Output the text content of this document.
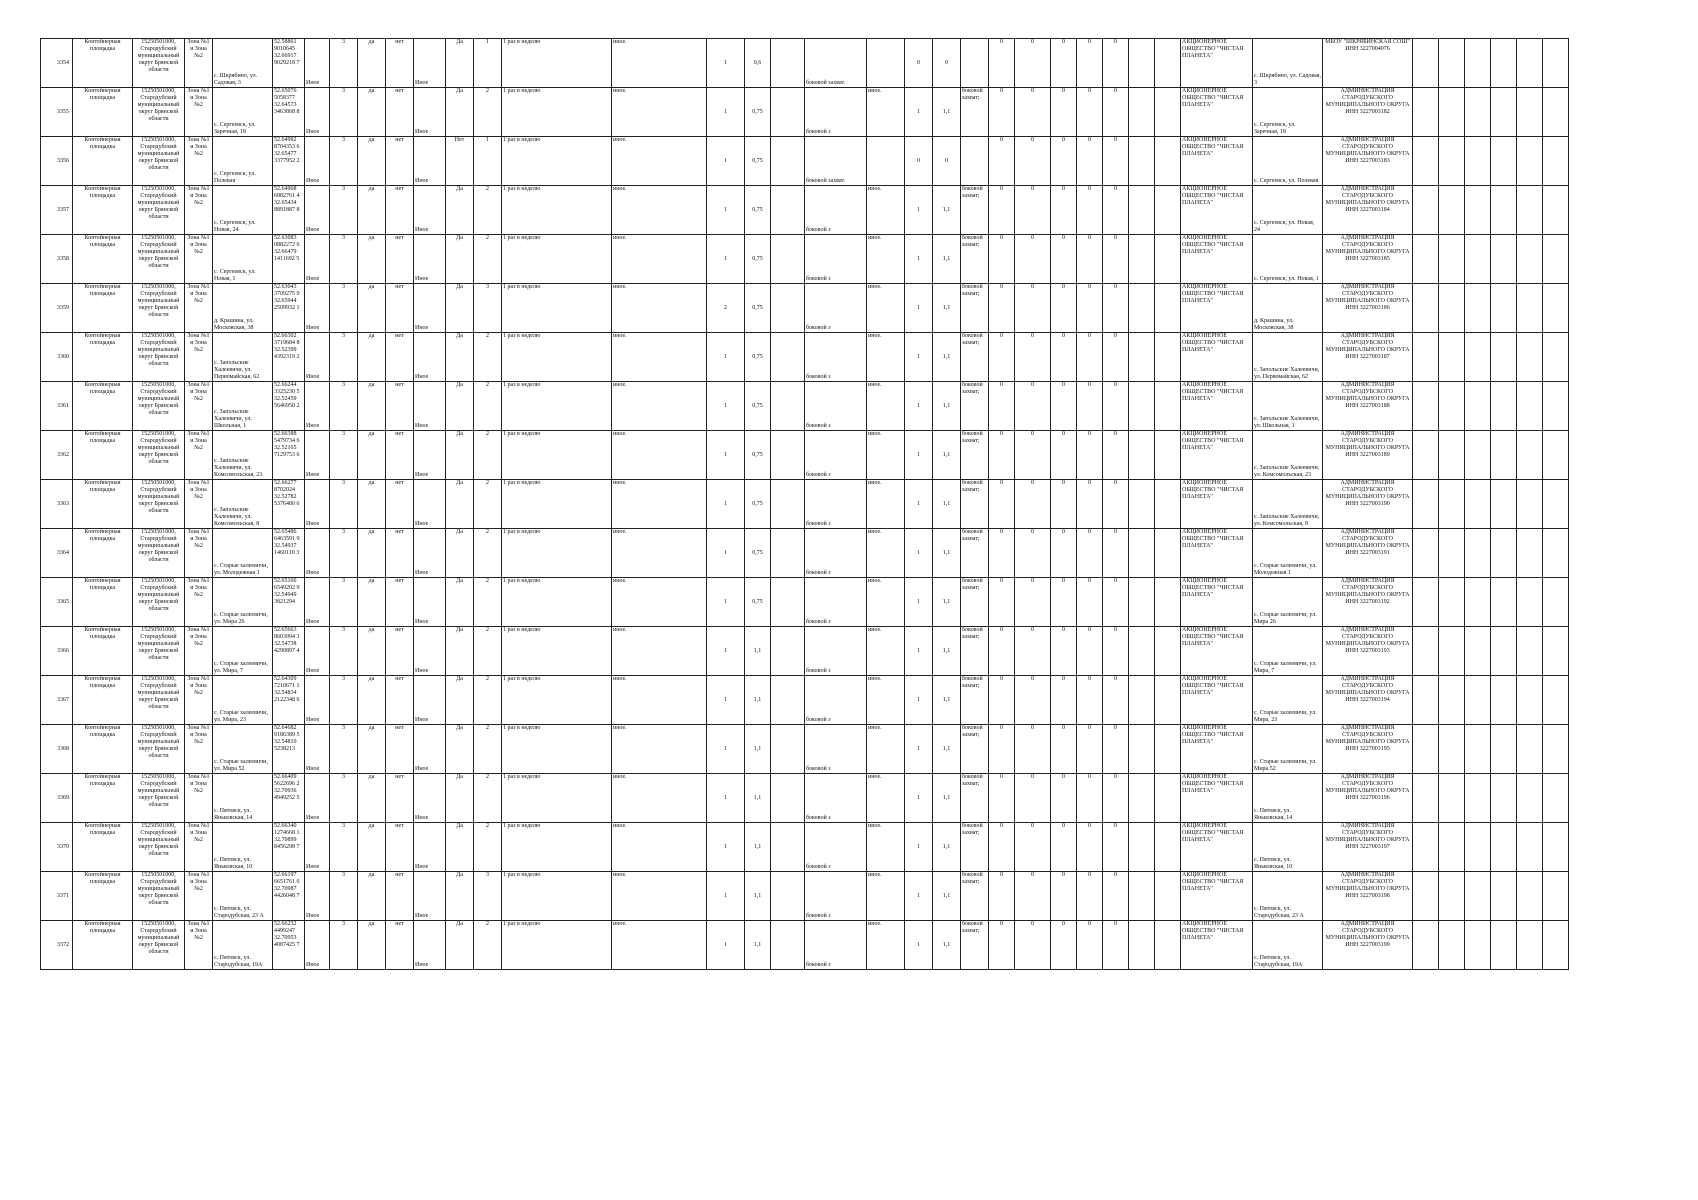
3354	Контейнерная площадка	15250501000, Стародубский муниципальный округ Брянской области	Зона №1 и Зона №2	с. Шкрябино, ул. Садовая, 3	52.58861 9010645 32.66917 9029218 7	Иное	3	да	нет	Иное	Да	1	1 раз в неделю	иное.	1	0,6		боковой захват.		0	0		0	0	0	0	0			АКЦИОНЕРНОЕ ОБЩЕСТВО "ЧИСТАЯ ПЛАНЕТА"	с. Шкрябино, ул. Садовая, 3	МБОУ "ШКРЯБИНСКАЯ СОШ" ИНН 3227004076						
3355	Контейнерная площадка	15250501000, Стародубский муниципальный округ Брянской области	Зона №1 и Зона №2	с. Сергеевск, ул. Заречная, 18	52.65076 5058377 32.64573 3463868 8	Иное	3	да	нет	Иное	Да	2	1 раз в неделю	иное.	1	0,75		боковой з	иное.	1	1,1	боковой захват;	0	0	0	0	0			АКЦИОНЕРНОЕ ОБЩЕСТВО "ЧИСТАЯ ПЛАНЕТА"	с. Сергеевск, ул. Заречная, 18	АДМИНИСТРАЦИЯ СТАРОДУБСКОГО МУНИЦИПАЛЬНОГО ОКРУГА ИНН 3227003182						
3356	Контейнерная площадка	15250501000, Стародубский муниципальный округ Брянской области	Зона №1 и Зона №2	с. Сергеевск, ул. Полевая	52.64992 8704353 6 32.65477 3377952 2	Иное	3	да	нет	Иное	Нет	1	1 раз в неделю	иное.	1	0,75		боковой захват.		0	0		0	0	0	0	0			АКЦИОНЕРНОЕ ОБЩЕСТВО "ЧИСТАЯ ПЛАНЕТА"	с. Сергеевск, ул. Полевая	АДМИНИСТРАЦИЯ СТАРОДУБСКОГО МУНИЦИПАЛЬНОГО ОКРУГА ИНН 3227003183						
3357	Контейнерная площадка	15250501000, Стародубский муниципальный округ Брянской области	Зона №1 и Зона №2	с. Сергеевск, ул. Новая, 24	52.64968 6882761 4 32.65434 8891887 8	Иное	3	да	нет	Иное	Да	2	1 раз в неделю	иное.	1	0,75		боковой з	иное.	1	1,1	боковой захват;	0	0	0	0	0			АКЦИОНЕРНОЕ ОБЩЕСТВО "ЧИСТАЯ ПЛАНЕТА"	с. Сергеевск, ул. Новая, 24	АДМИНИСТРАЦИЯ СТАРОДУБСКОГО МУНИЦИПАЛЬНОГО ОКРУГА ИНН 3227003184						
3358	Контейнерная площадка	15250501000, Стародубский муниципальный округ Брянской области	Зона №1 и Зона №2	с. Сергеевск, ул. Новая, 1	52.63083 0882272 6 32.66479 1411692 5	Иное	3	да	нет	Иное	Да	2	1 раз в неделю	иное.	1	0,75		боковой з	иное.	1	1,1	боковой захват;	0	0	0	0	0			АКЦИОНЕРНОЕ ОБЩЕСТВО "ЧИСТАЯ ПЛАНЕТА"	с. Сергеевск, ул. Новая, 1	АДМИНИСТРАЦИЯ СТАРОДУБСКОГО МУНИЦИПАЛЬНОГО ОКРУГА ИНН 3227003185						
3359	Контейнерная площадка	15250501000, Стародубский муниципальный округ Брянской области	Зона №1 и Зона №2	д. Крашина, ул. Московская, 38	52.63043 3709275 9 32.65944 2509932 1	Иное	3	да	нет	Иное	Да	3	1 раз в неделю	иное.	2	0,75		боковой з	иное.	1	1,1	боковой захват;	0	0	0	0	0			АКЦИОНЕРНОЕ ОБЩЕСТВО "ЧИСТАЯ ПЛАНЕТА"	д. Крашина, ул. Московская, 38	АДМИНИСТРАЦИЯ СТАРОДУБСКОГО МУНИЦИПАЛЬНОГО ОКРУГА ИНН 3227003186						
3360	Контейнерная площадка	15250501000, Стародубский муниципальный округ Брянской области	Зона №1 и Зона №2	с. Запольские Халеевичи, ул. Первомайская, 62	52.66302 3719684 8 32.52399 4392319 2	Иное	3	да	нет	Иное	Да	2	1 раз в неделю	иное.	1	0,75		боковой з	иное.	1	1,1	боковой захват;	0	0	0	0	0			АКЦИОНЕРНОЕ ОБЩЕСТВО "ЧИСТАЯ ПЛАНЕТА"	с. Запольские Халеевичи, ул. Первомайская, 62	АДМИНИСТРАЦИЯ СТАРОДУБСКОГО МУНИЦИПАЛЬНОГО ОКРУГА ИНН 3227003187						
3361	Контейнерная площадка	15250501000, Стародубский муниципальный округ Брянской области	Зона №1 и Зона №2	с. Запольские Халеевичи, ул. Школьная, 1	52.66244 3325230 5 32.52459 5646950 2	Иное	3	да	нет	Иное	Да	2	1 раз в неделю	иное.	1	0,75		боковой з	иное.	1	1,1	боковой захват;	0	0	0	0	0			АКЦИОНЕРНОЕ ОБЩЕСТВО "ЧИСТАЯ ПЛАНЕТА"	с. Запольские Халеевичи, ул. Школьная, 1	АДМИНИСТРАЦИЯ СТАРОДУБСКОГО МУНИЦИПАЛЬНОГО ОКРУГА ИНН 3227003188						
3362	Контейнерная площадка	15250501000, Стародубский муниципальный округ Брянской области	Зона №1 и Зона №2	с. Запольские Халеевичи, ул. Комсомольская, 23	52.66388 5479734 6 32.52165 7129753 6	Иное	3	да	нет	Иное	Да	2	1 раз в неделю	иное.	1	0,75		боковой з	иное.	1	1,1	боковой захват;	0	0	0	0	0			АКЦИОНЕРНОЕ ОБЩЕСТВО "ЧИСТАЯ ПЛАНЕТА"	с. Запольские Халеевичи, ул. Комсомольская, 23	АДМИНИСТРАЦИЯ СТАРОДУБСКОГО МУНИЦИПАЛЬНОГО ОКРУГА ИНН 3227003189						
3363	Контейнерная площадка	15250501000, Стародубский муниципальный округ Брянской области	Зона №1 и Зона №2	с. Запольские Халеевичи, ул. Комсомольская, 8	52.66277 8702024 32.52782 5376480 6	Иное	3	да	нет	Иное	Да	2	1 раз в неделю	иное.	1	0,75		боковой з	иное.	1	1,1	боковой захват;	0	0	0	0	0			АКЦИОНЕРНОЕ ОБЩЕСТВО "ЧИСТАЯ ПЛАНЕТА"	с. Запольские Халеевичи, ул. Комсомольская, 8	АДМИНИСТРАЦИЯ СТАРОДУБСКОГО МУНИЦИПАЛЬНОГО ОКРУГА ИНН 3227003190						
3364	Контейнерная площадка	15250501000, Стародубский муниципальный округ Брянской области	Зона №1 и Зона №2	с. Старые халеевичи, ул. Молодежная 1	52.65486 6463591 9 32.54937 1460110 3	Иное	3	да	нет	Иное	Да	2	1 раз в неделю	иное.	1	0,75		боковой з	иное.	1	1,1	боковой захват;	0	0	0	0	0			АКЦИОНЕРНОЕ ОБЩЕСТВО "ЧИСТАЯ ПЛАНЕТА"	с. Старые халеевичи, ул. Молодежная 1	АДМИНИСТРАЦИЯ СТАРОДУБСКОГО МУНИЦИПАЛЬНОГО ОКРУГА ИНН 3227003191						
3365	Контейнерная площадка	15250501000, Стародубский муниципальный округ Брянской области	Зона №1 и Зона №2	с. Старые халеевичи, ул. Мира 26	52.65166 6549202 9 32.54949 3821294	Иное	3	да	нет	Иное	Да	2	1 раз в неделю	иное.	1	0,75		боковой з	иное.	1	1,1	боковой захват;	0	0	0	0	0			АКЦИОНЕРНОЕ ОБЩЕСТВО "ЧИСТАЯ ПЛАНЕТА"	с. Старые халеевичи, ул. Мира 26	АДМИНИСТРАЦИЯ СТАРОДУБСКОГО МУНИЦИПАЛЬНОГО ОКРУГА ИНН 3227003192						
3366	Контейнерная площадка	15250501000, Стародубский муниципальный округ Брянской области	Зона №1 и Зона №2	с. Старые халеевичи, ул. Мира, 7	52.65663 8603994 3 32.54738 4290897 4	Иное	3	да	нет	Иное	Да	2	1 раз в неделю	иное.	1	1,1		боковой з	иное.	1	1,1	боковой захват;	0	0	0	0	0			АКЦИОНЕРНОЕ ОБЩЕСТВО "ЧИСТАЯ ПЛАНЕТА"	с. Старые халеевичи, ул. Мира, 7	АДМИНИСТРАЦИЯ СТАРОДУБСКОГО МУНИЦИПАЛЬНОГО ОКРУГА ИНН 3227003193						
3367	Контейнерная площадка	15250501000, Стародубский муниципальный округ Брянской области	Зона №1 и Зона №2	с. Старые халеевичи, ул. Мира, 23	52.64309 7210671 1 32.54834 2122348 6	Иное	3	да	нет	Иное	Да	2	1 раз в неделю	иное.	1	1,1		боковой з	иное.	1	1,1	боковой захват;	0	0	0	0	0			АКЦИОНЕРНОЕ ОБЩЕСТВО "ЧИСТАЯ ПЛАНЕТА"	с. Старые халеевичи, ул. Мира, 23	АДМИНИСТРАЦИЯ СТАРОДУБСКОГО МУНИЦИПАЛЬНОГО ОКРУГА ИНН 3227003194						
3368	Контейнерная площадка	15250501000, Стародубский муниципальный округ Брянской области	Зона №1 и Зона №2	с. Старые халеевичи, ул. Мира 52	52.64682 9186389 5 32.54810 5238213	Иное	3	да	нет	Иное	Да	2	1 раз в неделю	иное.	1	1,1		боковой з	иное.	1	1,1	боковой захват;	0	0	0	0	0			АКЦИОНЕРНОЕ ОБЩЕСТВО "ЧИСТАЯ ПЛАНЕТА"	с. Старые халеевичи, ул. Мира 52	АДМИНИСТРАЦИЯ СТАРОДУБСКОГО МУНИЦИПАЛЬНОГО ОКРУГА ИНН 3227003195						
3369	Контейнерная площадка	15250501000, Стародубский муниципальный округ Брянской области	Зона №1 и Зона №2	с. Пятовск, ул. Яньковская, 14	52.66409 5622696 2 32.70936 4949252 5	Иное	3	да	нет	Иное	Да	2	1 раз в неделю	иное.	1	1,1		боковой з	иное.	1	1,1	боковой захват;	0	0	0	0	0			АКЦИОНЕРНОЕ ОБЩЕСТВО "ЧИСТАЯ ПЛАНЕТА"	с. Пятовск, ул. Яньковская, 14	АДМИНИСТРАЦИЯ СТАРОДУБСКОГО МУНИЦИПАЛЬНОГО ОКРУГА ИНН 3227003196						
3370	Контейнерная площадка	15250501000, Стародубский муниципальный округ Брянской области	Зона №1 и Зона №2	с. Пятовск, ул. Яньковская, 10	52.66340 1274668 1 32.70899 8456298 7	Иное	3	да	нет	Иное	Да	2	1 раз в неделю	иное.	1	1,1		боковой з	иное.	1	1,1	боковой захват;	0	0	0	0	0			АКЦИОНЕРНОЕ ОБЩЕСТВО "ЧИСТАЯ ПЛАНЕТА"	с. Пятовск, ул. Яньковская, 10	АДМИНИСТРАЦИЯ СТАРОДУБСКОГО МУНИЦИПАЛЬНОГО ОКРУГА ИНН 3227003197						
3371	Контейнерная площадка	15250501000, Стародубский муниципальный округ Брянской области	Зона №1 и Зона №2	с. Пятовск, ул. Стародубская, 23 А	52.66197 6651761 6 32.70987 4426048 7	Иное	3	да	нет	Иное	Да	3	1 раз в неделю	иное.	1	1,1		боковой з	иное.	1	1,1	боковой захват;	0	0	0	0	0			АКЦИОНЕРНОЕ ОБЩЕСТВО "ЧИСТАЯ ПЛАНЕТА"	с. Пятовск, ул. Стародубская, 23 А	АДМИНИСТРАЦИЯ СТАРОДУБСКОГО МУНИЦИПАЛЬНОГО ОКРУГА ИНН 3227003198						
3372	Контейнерная площадка	15250501000, Стародубский муниципальный округ Брянской области	Зона №1 и Зона №2	с. Пятовск, ул. Стародубская, 19А	52.66232 4499247 32.70953 4087425 7	Иное	3	да	нет	Иное	Да	2	1 раз в неделю	иное.	1	1,1		боковой з	иное.	1	1,1	боковой захват;	0	0	0	0	0			АКЦИОНЕРНОЕ ОБЩЕСТВО "ЧИСТАЯ ПЛАНЕТА"	с. Пятовск, ул. Стародубская, 19А	АДМИНИСТРАЦИЯ СТАРОДУБСКОГО МУНИЦИПАЛЬНОГО ОКРУГА ИНН 3227003199						
